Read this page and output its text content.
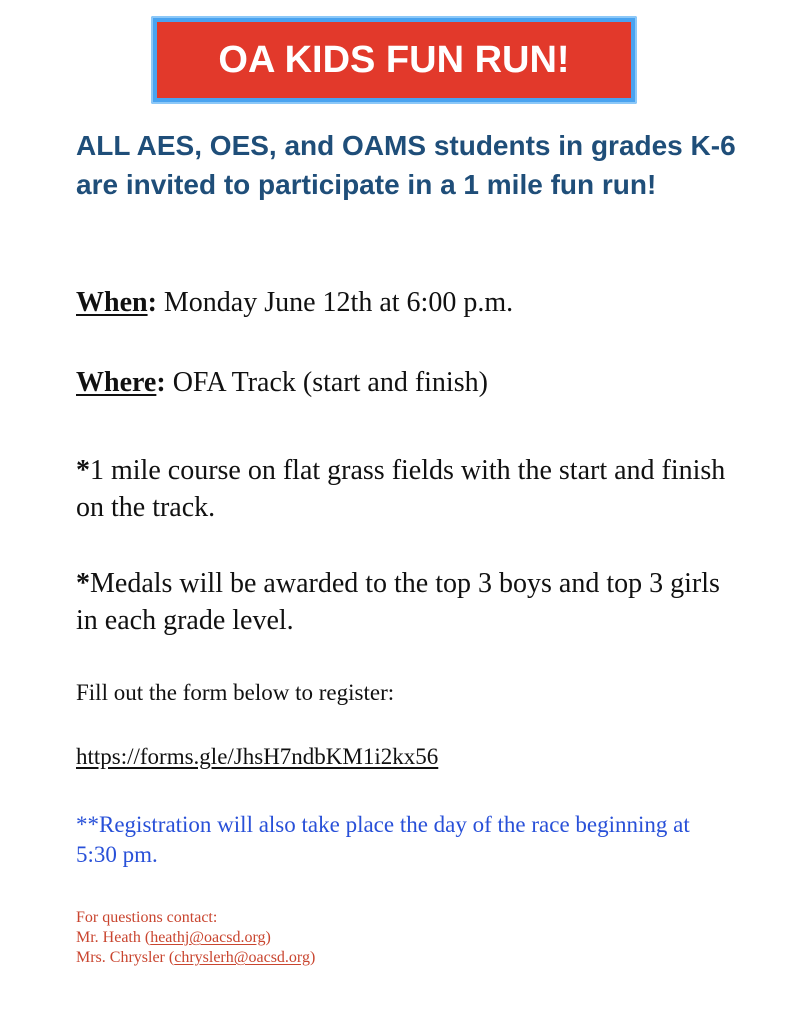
OA KIDS FUN RUN!

ALL AES, OES, and OAMS students in grades K-6 are invited to participate in a 1 mile fun run!

When: Monday June 12th at 6:00 p.m.

Where: OFA Track (start and finish)

*1 mile course on flat grass fields with the start and finish on the track.

*Medals will be awarded to the top 3 boys and top 3 girls in each grade level.

Fill out the form below to register:

https://forms.gle/JhsH7ndbKM1i2kx56

**Registration will also take place the day of the race beginning at 5:30 pm.

For questions contact:
Mr. Heath (heathj@oacsd.org)
Mrs. Chrysler (chryslerh@oacsd.org)
